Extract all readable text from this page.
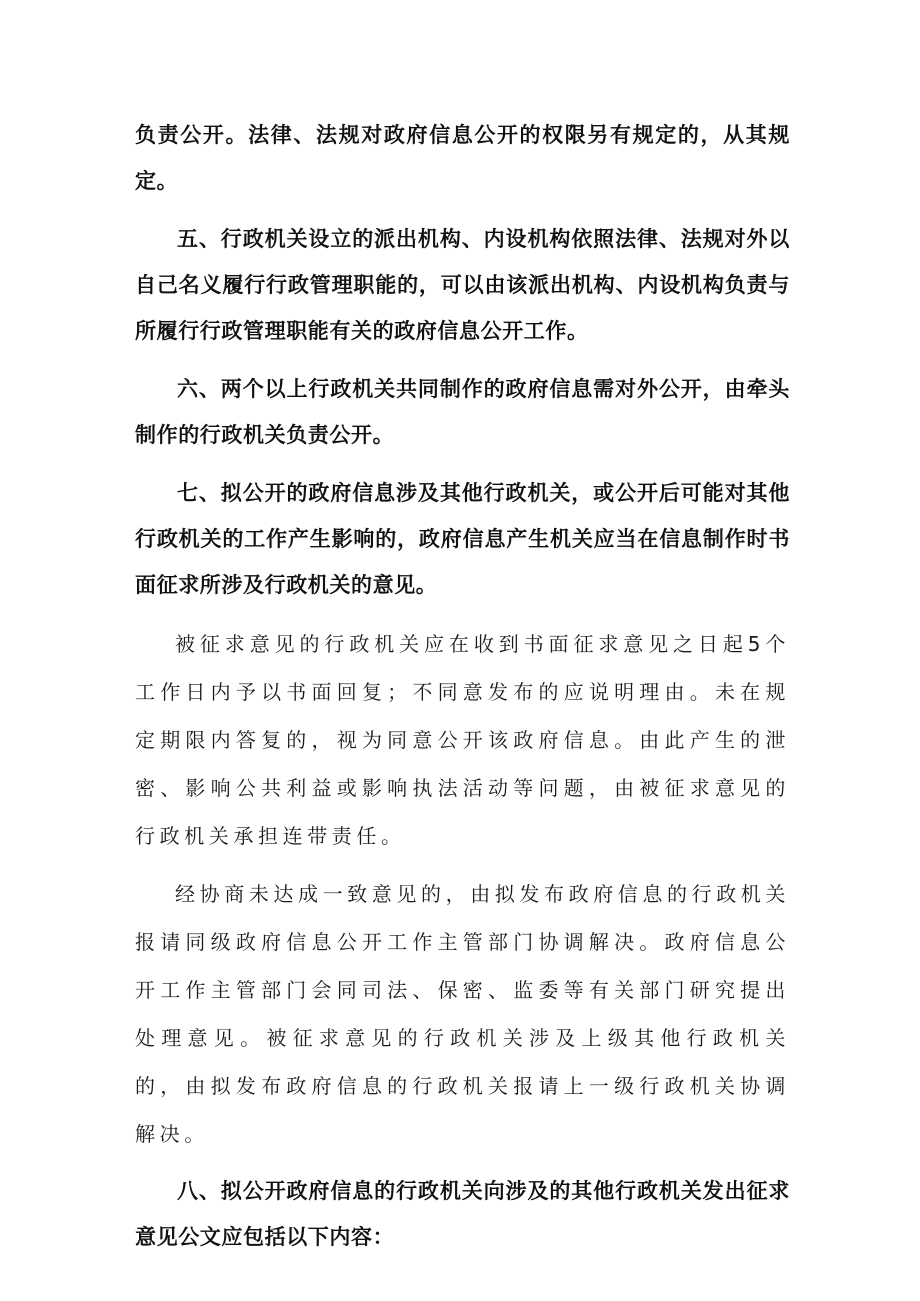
负责公开。法律、法规对政府信息公开的权限另有规定的，从其规定。

五、行政机关设立的派出机构、内设机构依照法律、法规对外以自己名义履行行政管理职能的，可以由该派出机构、内设机构负责与所履行行政管理职能有关的政府信息公开工作。

六、两个以上行政机关共同制作的政府信息需对外公开，由牵头制作的行政机关负责公开。

七、拟公开的政府信息涉及其他行政机关，或公开后可能对其他行政机关的工作产生影响的，政府信息产生机关应当在信息制作时书面征求所涉及行政机关的意见。

被征求意见的行政机关应在收到书面征求意见之日起5个工作日内予以书面回复；不同意发布的应说明理由。未在规定期限内答复的，视为同意公开该政府信息。由此产生的泄密、影响公共利益或影响执法活动等问题，由被征求意见的行政机关承担连带责任。

经协商未达成一致意见的，由拟发布政府信息的行政机关报请同级政府信息公开工作主管部门协调解决。政府信息公开工作主管部门会同司法、保密、监委等有关部门研究提出处理意见。被征求意见的行政机关涉及上级其他行政机关的，由拟发布政府信息的行政机关报请上一级行政机关协调解决。

八、拟公开政府信息的行政机关向涉及的其他行政机关发出征求意见公文应包括以下内容：
